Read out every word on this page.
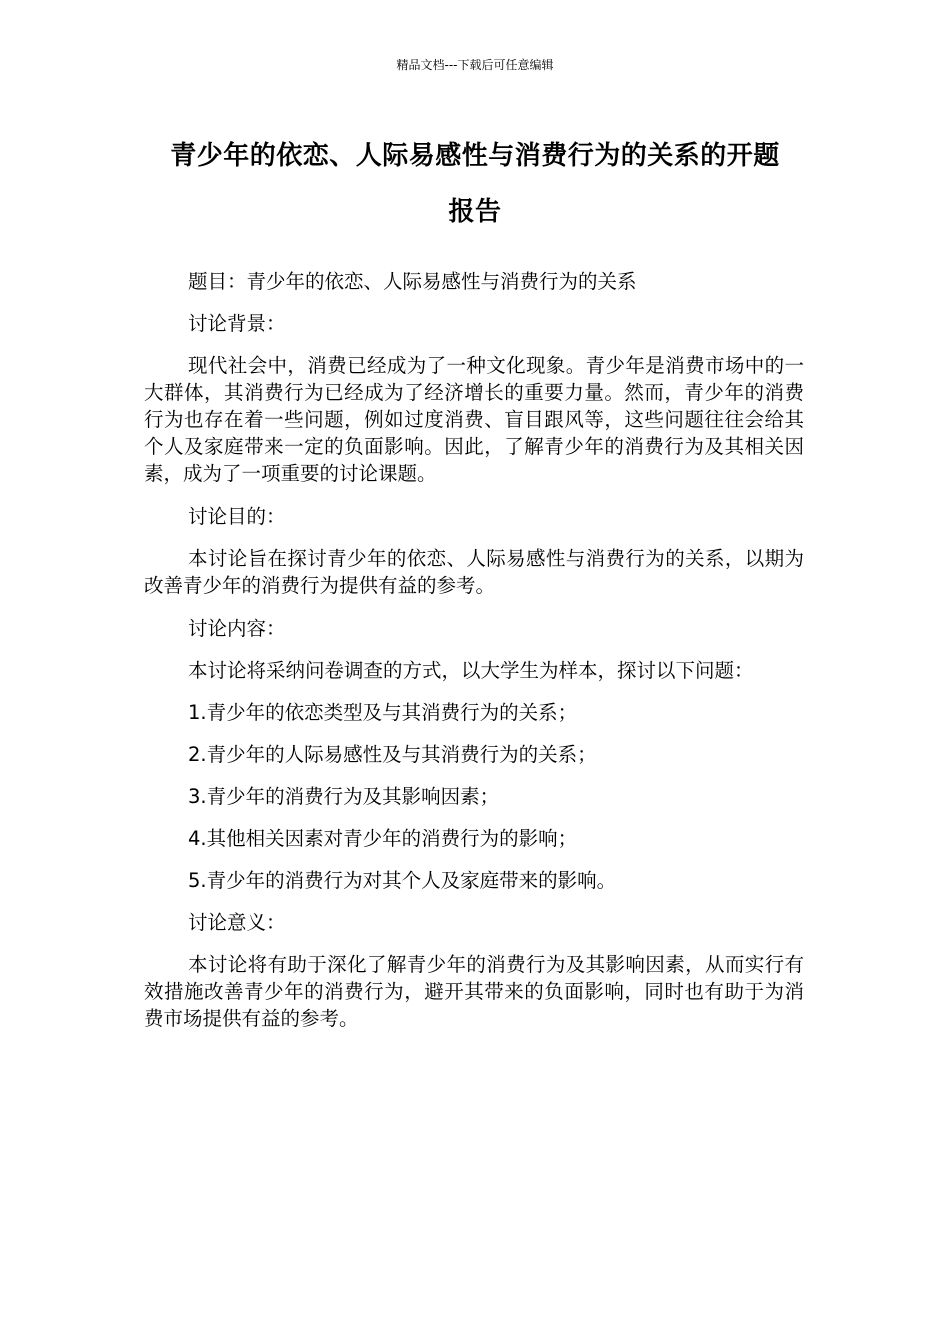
精品文档---下载后可任意编辑
青少年的依恋、人际易感性与消费行为的关系的开题
报告

题目：青少年的依恋、人际易感性与消费行为的关系

讨论背景：

现代社会中，消费已经成为了一种文化现象。青少年是消费市场中的一大群体，其消费行为已经成为了经济增长的重要力量。然而，青少年的消费行为也存在着一些问题，例如过度消费、盲目跟风等，这些问题往往会给其个人及家庭带来一定的负面影响。因此，了解青少年的消费行为及其相关因素，成为了一项重要的讨论课题。

讨论目的：

本讨论旨在探讨青少年的依恋、人际易感性与消费行为的关系，以期为改善青少年的消费行为提供有益的参考。

讨论内容：

本讨论将采纳问卷调查的方式，以大学生为样本，探讨以下问题：

1.青少年的依恋类型及与其消费行为的关系；

2.青少年的人际易感性及与其消费行为的关系；

3.青少年的消费行为及其影响因素；

4.其他相关因素对青少年的消费行为的影响；

5.青少年的消费行为对其个人及家庭带来的影响。

讨论意义：

本讨论将有助于深化了解青少年的消费行为及其影响因素，从而实行有效措施改善青少年的消费行为，避开其带来的负面影响，同时也有助于为消费市场提供有益的参考。
